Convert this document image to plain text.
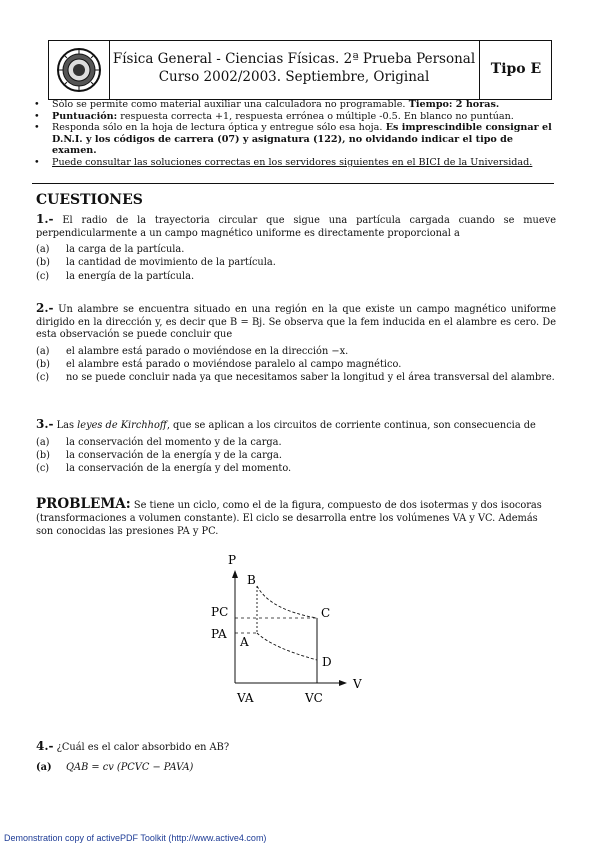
Física General - Ciencias Físicas. 2ª Prueba Personal
Curso 2002/2003. Septiembre, Original	Tipo E
• Sólo se permite como material auxiliar una calculadora no programable. Tiempo: 2 horas.
• Puntuación: respuesta correcta +1, respuesta errónea o múltiple -0.5. En blanco no puntúan.
• Responda sólo en la hoja de lectura óptica y entregue sólo esa hoja. Es imprescindible consignar el D.N.I. y los códigos de carrera (07) y asignatura (122), no olvidando indicar el tipo de examen.
• Puede consultar las soluciones correctas en los servidores siguientes en el BICI de la Universidad.
CUESTIONES
1.- El radio de la trayectoria circular que sigue una partícula cargada cuando se mueve perpendicularmente a un campo magnético uniforme es directamente proporcional a
(a) la carga de la partícula.
(b) la cantidad de movimiento de la partícula.
(c) la energía de la partícula.
2.- Un alambre se encuentra situado en una región en la que existe un campo magnético uniforme dirigido en la dirección y, es decir que B = Bj. Se observa que la fem inducida en el alambre es cero. De esta observación se puede concluir que
(a) el alambre está parado o moviéndose en la dirección −x.
(b) el alambre está parado o moviéndose paralelo al campo magnético.
(c) no se puede concluir nada ya que necesitamos saber la longitud y el área transversal del alambre.
3.- Las leyes de Kirchhoff, que se aplican a los circuitos de corriente continua, son consecuencia de
(a) la conservación del momento y de la carga.
(b) la conservación de la energía y de la carga.
(c) la conservación de la energía y del momento.
PROBLEMA: Se tiene un ciclo, como el de la figura, compuesto de dos isotermas y dos isocoras (transformaciones a volumen constante). El ciclo se desarrolla entre los volúmenes VA y VC. Además son conocidas las presiones PA y PC.
P
V
B
C
A
D
PC
PA
VA	VC
4.- ¿Cuál es el calor absorbido en AB?
(a) QAB = cv (PCVC − PAVA)
Demonstration copy of activePDF Toolkit (http://www.active4.com)
